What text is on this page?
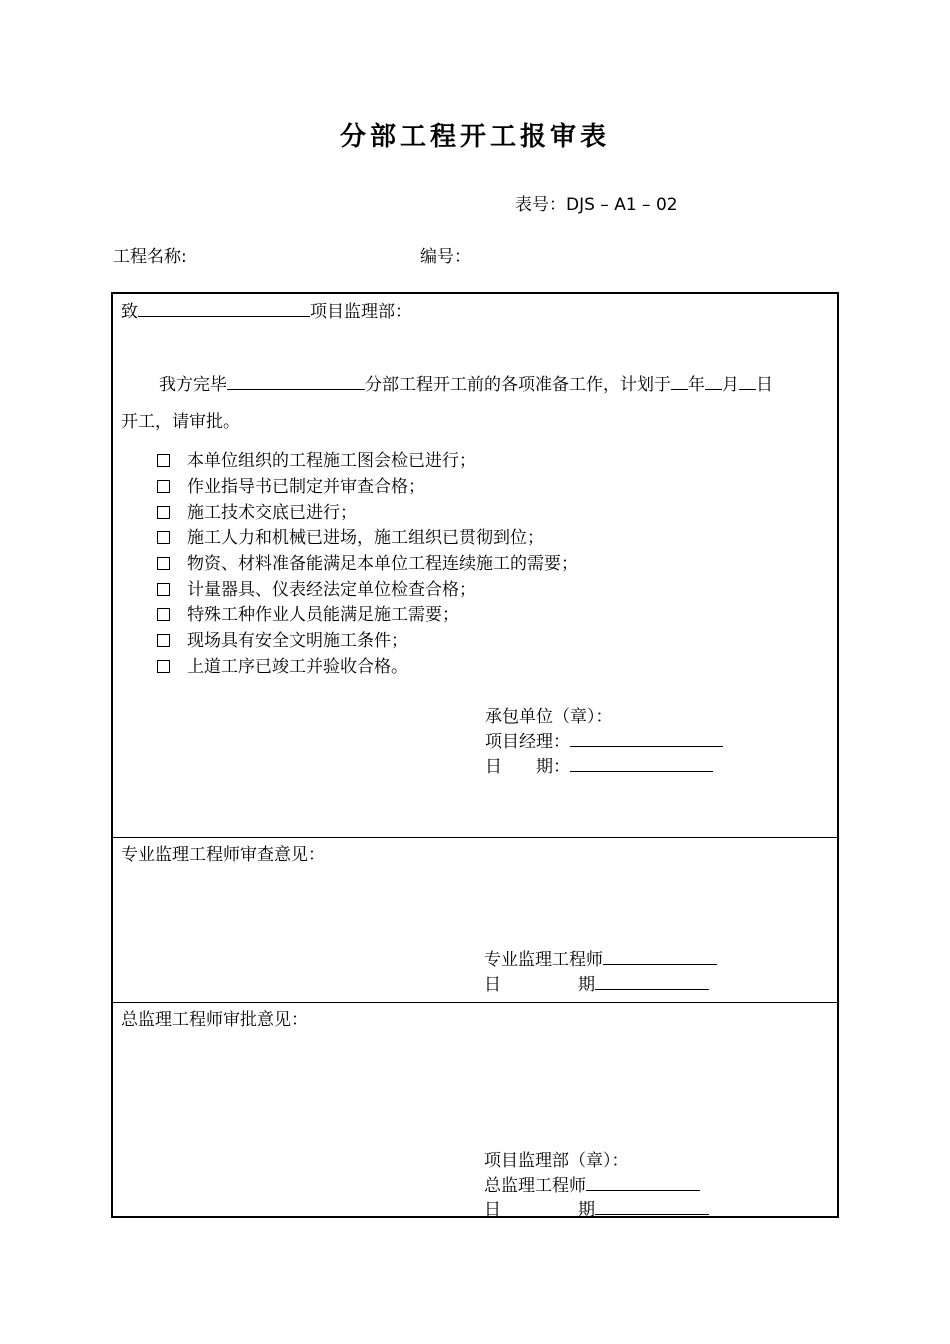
分部工程开工报审表
表号：DJS – A1 – 02
工程名称:	编号：
致	项目监理部：
我方完毕	分部工程开工前的各项准备工作，计划于 年 月 日
开工，请审批。
本单位组织的工程施工图会检已进行；
作业指导书已制定并审查合格；
施工技术交底已进行；
施工人力和机械已进场，施工组织已贯彻到位；
物资、材料准备能满足本单位工程连续施工的需要；
计量器具、仪表经法定单位检查合格；
特殊工种作业人员能满足施工需要；
现场具有安全文明施工条件；
上道工序已竣工并验收合格。
承包单位（章）：
项目经理：
日　　期：
专业监理工程师审查意见：
专业监理工程师
日	期
总监理工程师审批意见：
项目监理部（章）：
总监理工程师
日	期
